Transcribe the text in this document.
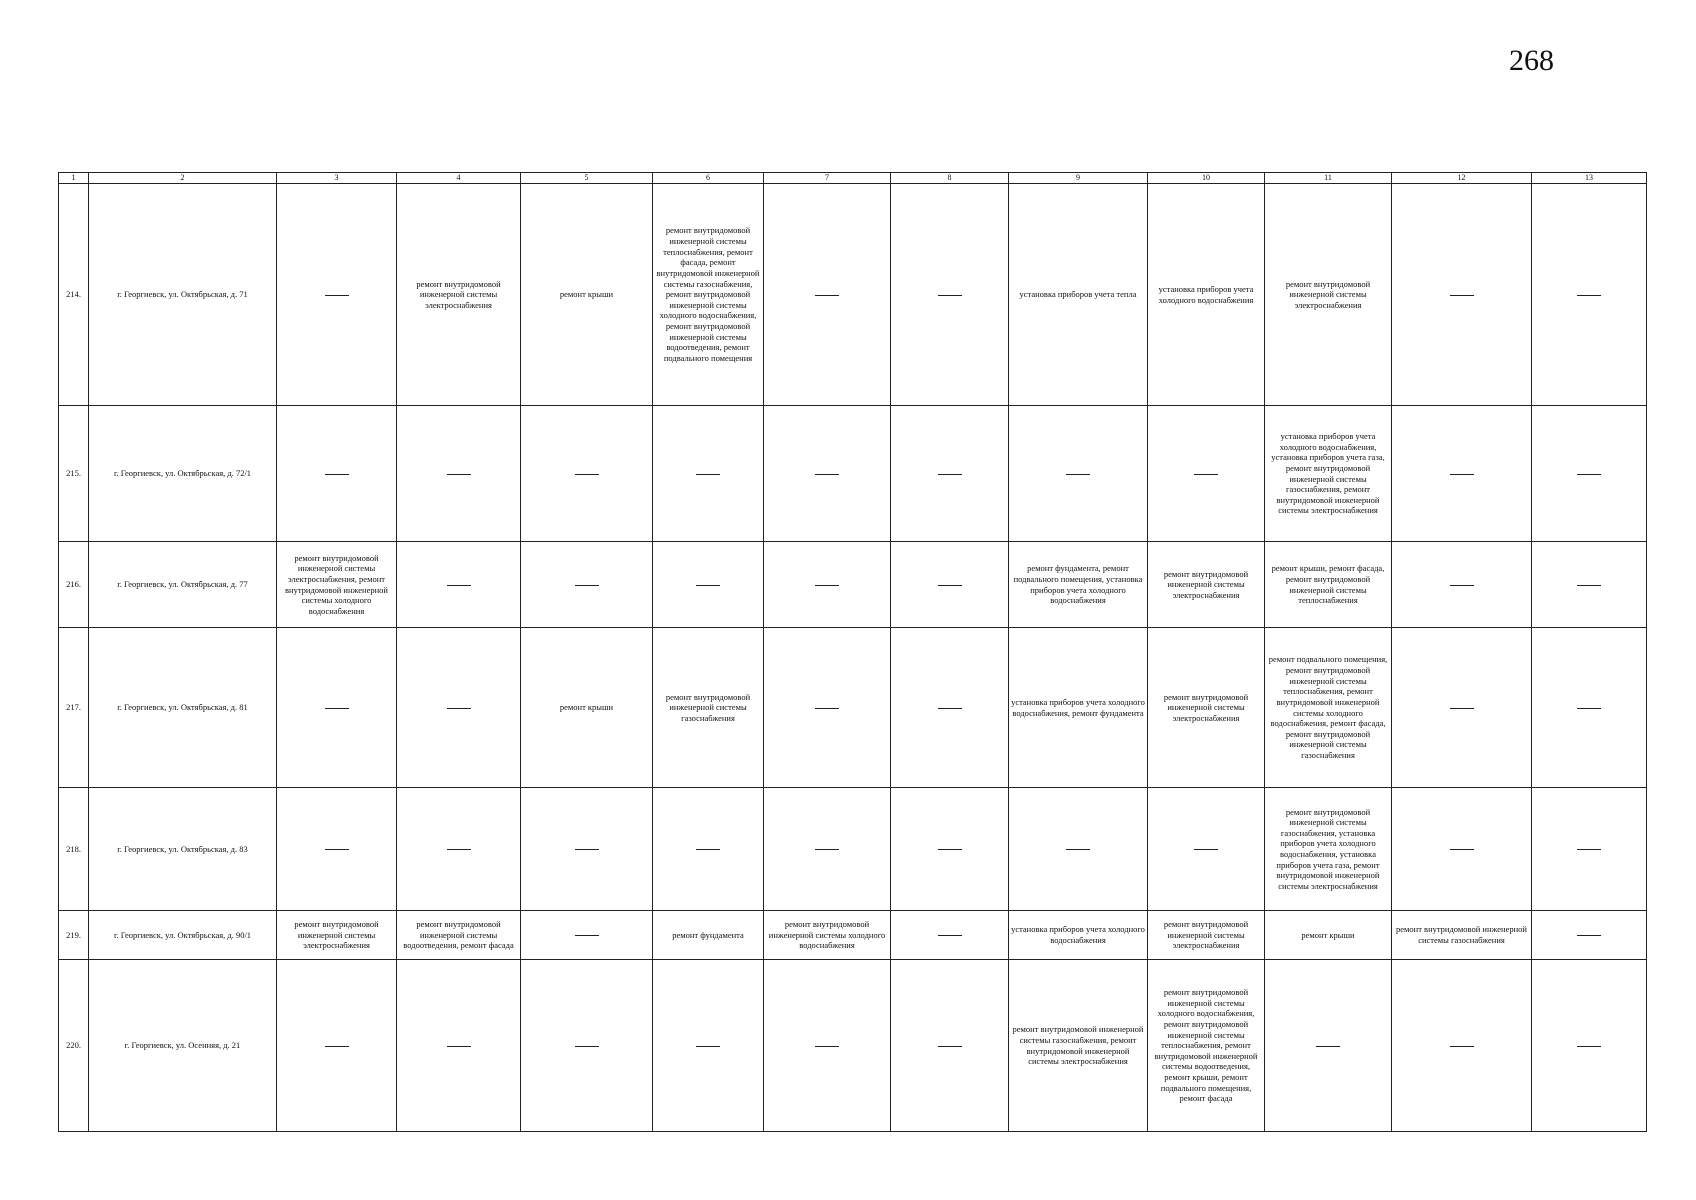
268
1	2	3	4	5	6	7	8	9	10	11	12	13
214.	г. Георгиевск, ул. Октябрьская, д. 71		ремонт внутридомовой инженерной системы электроснабжения	ремонт крыши	ремонт внутридомовой инженерной системы теплоснабжения, ремонт фасада, ремонт внутридомовой инженерной системы газоснабжения, ремонт внутридомовой инженерной системы холодного водоснабжения, ремонт внутридомовой инженерной системы водоотведения, ремонт подвального помещения			установка приборов учета тепла	установка приборов учета холодного водоснабжения	ремонт внутридомовой инженерной системы электроснабжения		
215.	г. Георгиевск, ул. Октябрьская, д. 72/1									установка приборов учета холодного водоснабжения, установка приборов учета газа, ремонт внутридомовой инженерной системы газоснабжения, ремонт внутридомовой инженерной системы электроснабжения		
216.	г. Георгиевск, ул. Октябрьская, д. 77	ремонт внутридомовой инженерной системы электроснабжения, ремонт внутридомовой инженерной системы холодного водоснабжения						ремонт фундамента, ремонт подвального помещения, установка приборов учета холодного водоснабжения	ремонт внутридомовой инженерной системы электроснабжения	ремонт крыши, ремонт фасада, ремонт внутридомовой инженерной системы теплоснабжения		
217.	г. Георгиевск, ул. Октябрьская, д. 81			ремонт крыши	ремонт внутридомовой инженерной системы газоснабжения			установка приборов учета холодного водоснабжения, ремонт фундамента	ремонт внутридомовой инженерной системы электроснабжения	ремонт подвального помещения, ремонт внутридомовой инженерной системы теплоснабжения, ремонт внутридомовой инженерной системы холодного водоснабжения, ремонт фасада, ремонт внутридомовой инженерной системы газоснабжения		
218.	г. Георгиевск, ул. Октябрьская, д. 83									ремонт внутридомовой инженерной системы газоснабжения, установка приборов учета холодного водоснабжения, установка приборов учета газа, ремонт внутридомовой инженерной системы электроснабжения		
219.	г. Георгиевск, ул. Октябрьская, д. 90/1	ремонт внутридомовой инженерной системы электроснабжения	ремонт внутридомовой инженерной системы водоотведения, ремонт фасада		ремонт фундамента	ремонт внутридомовой инженерной системы холодного водоснабжения		установка приборов учета холодного водоснабжения	ремонт внутридомовой инженерной системы электроснабжения	ремонт крыши	ремонт внутридомовой инженерной системы газоснабжения	
220.	г. Георгиевск, ул. Осенняя, д. 21							ремонт внутридомовой инженерной системы газоснабжения, ремонт внутридомовой инженерной системы электроснабжения	ремонт внутридомовой инженерной системы холодного водоснабжения, ремонт внутридомовой инженерной системы теплоснабжения, ремонт внутридомовой инженерной системы водоотведения, ремонт крыши, ремонт подвального помещения, ремонт фасада			
